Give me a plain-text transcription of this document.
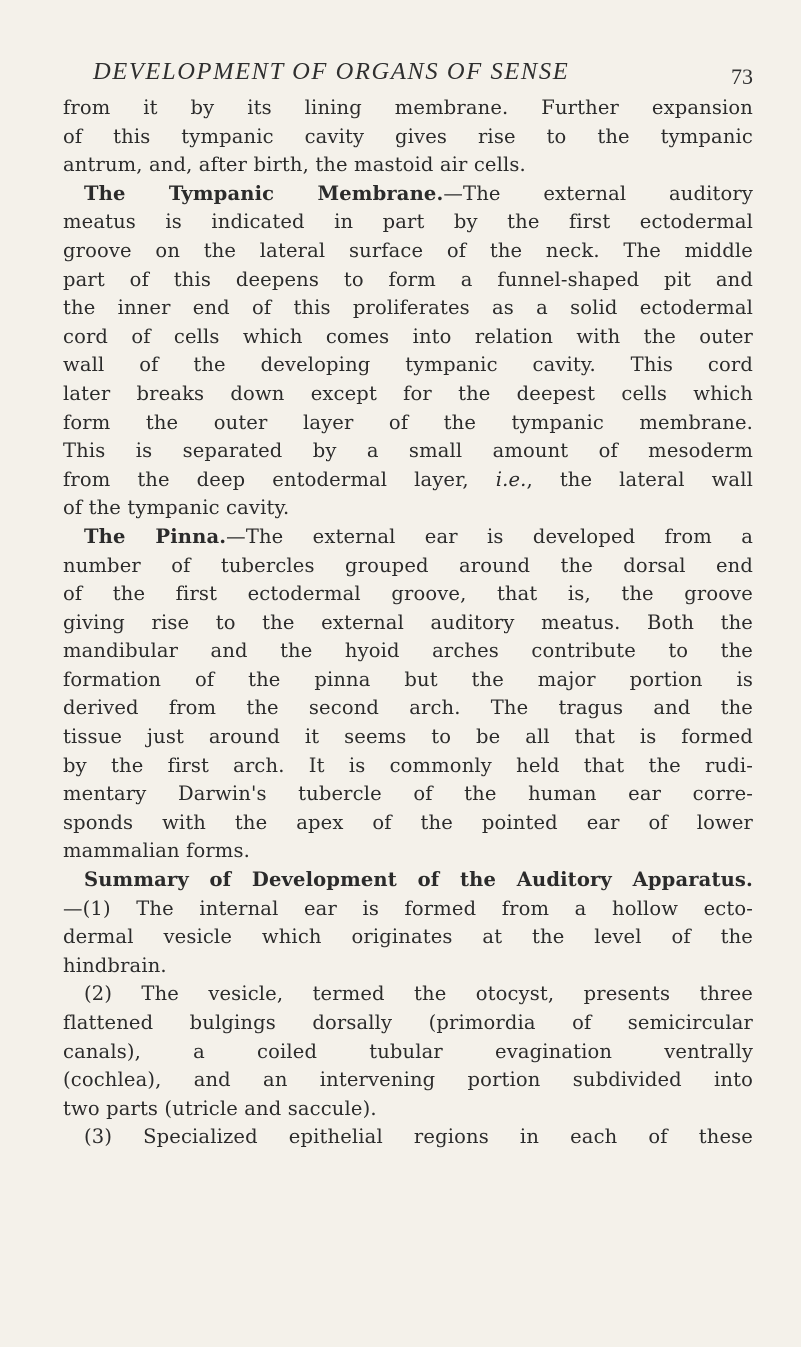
DEVELOPMENT OF ORGANS OF SENSE	73

from it by its lining membrane. Further expansion

of this tympanic cavity gives rise to the tympanic

antrum, and, after birth, the mastoid air cells.

The Tympanic Membrane.—The external auditory

meatus is indicated in part by the first ectodermal

groove on the lateral surface of the neck. The middle

part of this deepens to form a funnel-shaped pit and

the inner end of this proliferates as a solid ectodermal

cord of cells which comes into relation with the outer

wall of the developing tympanic cavity. This cord

later breaks down except for the deepest cells which

form the outer layer of the tympanic membrane.

This is separated by a small amount of mesoderm

from the deep entodermal layer, i.e., the lateral wall

of the tympanic cavity.

The Pinna.—The external ear is developed from a

number of tubercles grouped around the dorsal end

of the first ectodermal groove, that is, the groove

giving rise to the external auditory meatus. Both the

mandibular and the hyoid arches contribute to the

formation of the pinna but the major portion is

derived from the second arch. The tragus and the

tissue just around it seems to be all that is formed

by the first arch. It is commonly held that the rudi-

mentary Darwin's tubercle of the human ear corre-

sponds with the apex of the pointed ear of lower

mammalian forms.

Summary of Development of the Auditory Apparatus.

—(1) The internal ear is formed from a hollow ecto-

dermal vesicle which originates at the level of the

hindbrain.

(2) The vesicle, termed the otocyst, presents three

flattened bulgings dorsally (primordia of semicircular

canals), a coiled tubular evagination ventrally

(cochlea), and an intervening portion subdivided into

two parts (utricle and saccule).

(3) Specialized epithelial regions in each of these
